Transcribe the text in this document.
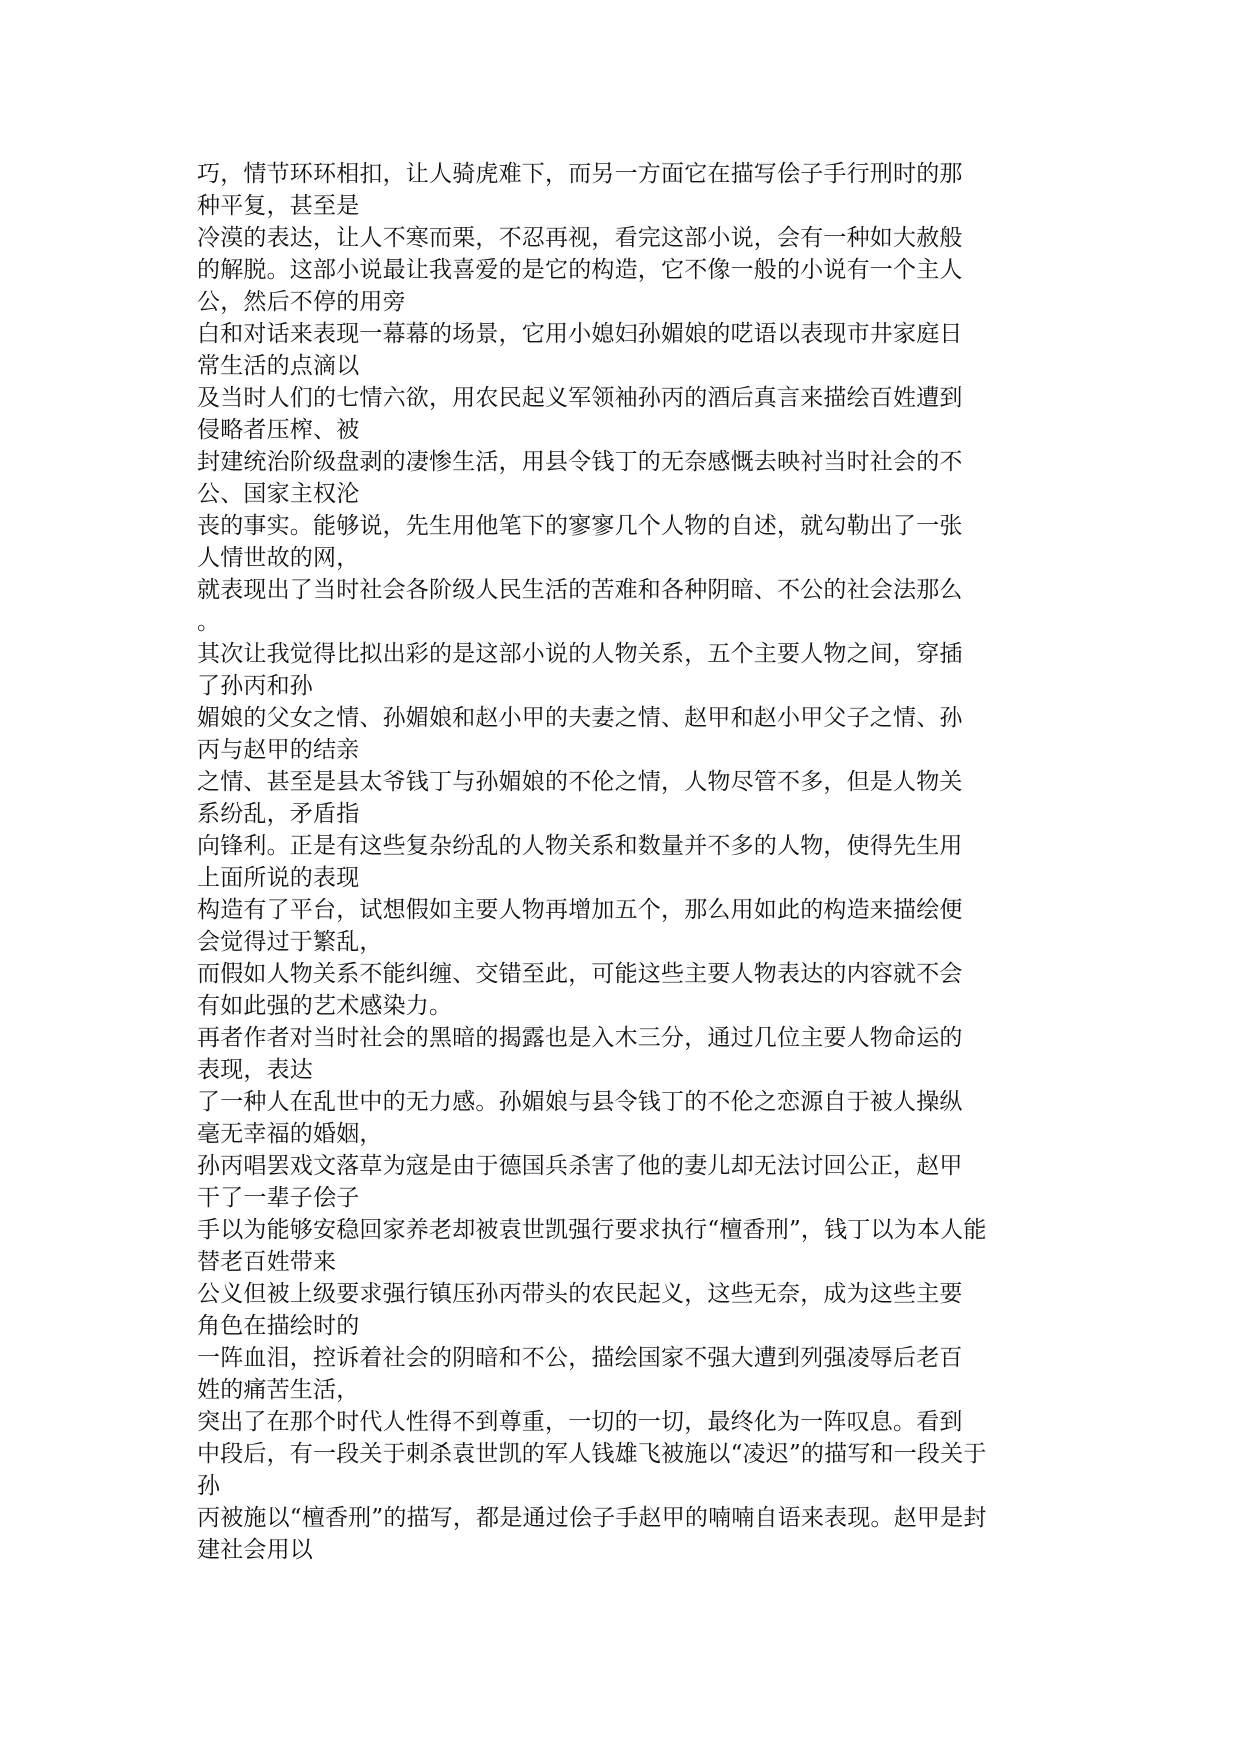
巧，情节环环相扣，让人骑虎难下，而另一方面它在描写侩子手行刑时的那
种平复，甚至是
冷漠的表达，让人不寒而栗，不忍再视，看完这部小说，会有一种如大赦般
的解脱。这部小说最让我喜爱的是它的构造，它不像一般的小说有一个主人
公，然后不停的用旁
白和对话来表现一幕幕的场景，它用小媳妇孙媚娘的呓语以表现市井家庭日
常生活的点滴以
及当时人们的七情六欲，用农民起义军领袖孙丙的酒后真言来描绘百姓遭到
侵略者压榨、被
封建统治阶级盘剥的凄惨生活，用县令钱丁的无奈感慨去映衬当时社会的不
公、国家主权沦
丧的事实。能够说，先生用他笔下的寥寥几个人物的自述，就勾勒出了一张
人情世故的网，
就表现出了当时社会各阶级人民生活的苦难和各种阴暗、不公的社会法那么
。
其次让我觉得比拟出彩的是这部小说的人物关系，五个主要人物之间，穿插
了孙丙和孙
媚娘的父女之情、孙媚娘和赵小甲的夫妻之情、赵甲和赵小甲父子之情、孙
丙与赵甲的结亲
之情、甚至是县太爷钱丁与孙媚娘的不伦之情，人物尽管不多，但是人物关
系纷乱，矛盾指
向锋利。正是有这些复杂纷乱的人物关系和数量并不多的人物，使得先生用
上面所说的表现
构造有了平台，试想假如主要人物再增加五个，那么用如此的构造来描绘便
会觉得过于繁乱，
而假如人物关系不能纠缠、交错至此，可能这些主要人物表达的内容就不会
有如此强的艺术感染力。
再者作者对当时社会的黑暗的揭露也是入木三分，通过几位主要人物命运的
表现，表达
了一种人在乱世中的无力感。孙媚娘与县令钱丁的不伦之恋源自于被人操纵
毫无幸福的婚姻，
孙丙唱罢戏文落草为寇是由于德国兵杀害了他的妻儿却无法讨回公正，赵甲
干了一辈子侩子
手以为能够安稳回家养老却被袁世凯强行要求执行“檀香刑”，钱丁以为本人能
替老百姓带来
公义但被上级要求强行镇压孙丙带头的农民起义，这些无奈，成为这些主要
角色在描绘时的
一阵血泪，控诉着社会的阴暗和不公，描绘国家不强大遭到列强凌辱后老百
姓的痛苦生活，
突出了在那个时代人性得不到尊重，一切的一切，最终化为一阵叹息。看到
中段后，有一段关于刺杀袁世凯的军人钱雄飞被施以“凌迟”的描写和一段关于
孙
丙被施以“檀香刑”的描写，都是通过侩子手赵甲的喃喃自语来表现。赵甲是封
建社会用以
